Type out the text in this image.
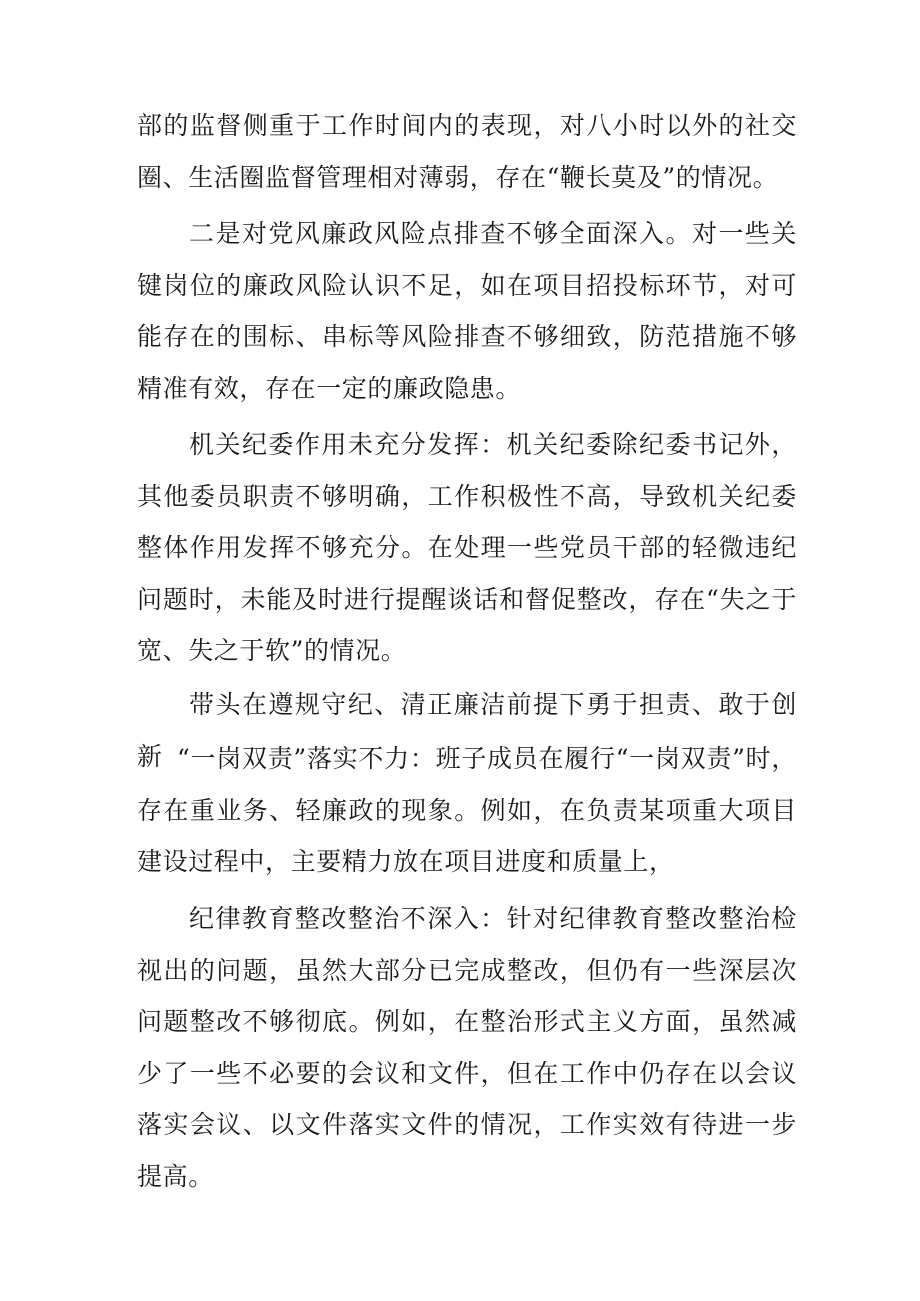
部的监督侧重于工作时间内的表现，对八小时以外的社交圈、生活圈监督管理相对薄弱，存在“鞭长莫及”的情况。

二是对党风廉政风险点排查不够全面深入。对一些关键岗位的廉政风险认识不足，如在项目招投标环节，对可能存在的围标、串标等风险排查不够细致，防范措施不够精准有效，存在一定的廉政隐患。

机关纪委作用未充分发挥：机关纪委除纪委书记外，其他委员职责不够明确，工作积极性不高，导致机关纪委整体作用发挥不够充分。在处理一些党员干部的轻微违纪问题时，未能及时进行提醒谈话和督促整改，存在“失之于宽、失之于软”的情况。

带头在遵规守纪、清正廉洁前提下勇于担责、敢于创新 “一岗双责”落实不力：班子成员在履行“一岗双责”时，存在重业务、轻廉政的现象。例如，在负责某项重大项目建设过程中，主要精力放在项目进度和质量上，

纪律教育整改整治不深入：针对纪律教育整改整治检视出的问题，虽然大部分已完成整改，但仍有一些深层次问题整改不够彻底。例如，在整治形式主义方面，虽然减少了一些不必要的会议和文件，但在工作中仍存在以会议落实会议、以文件落实文件的情况，工作实效有待进一步提高。
